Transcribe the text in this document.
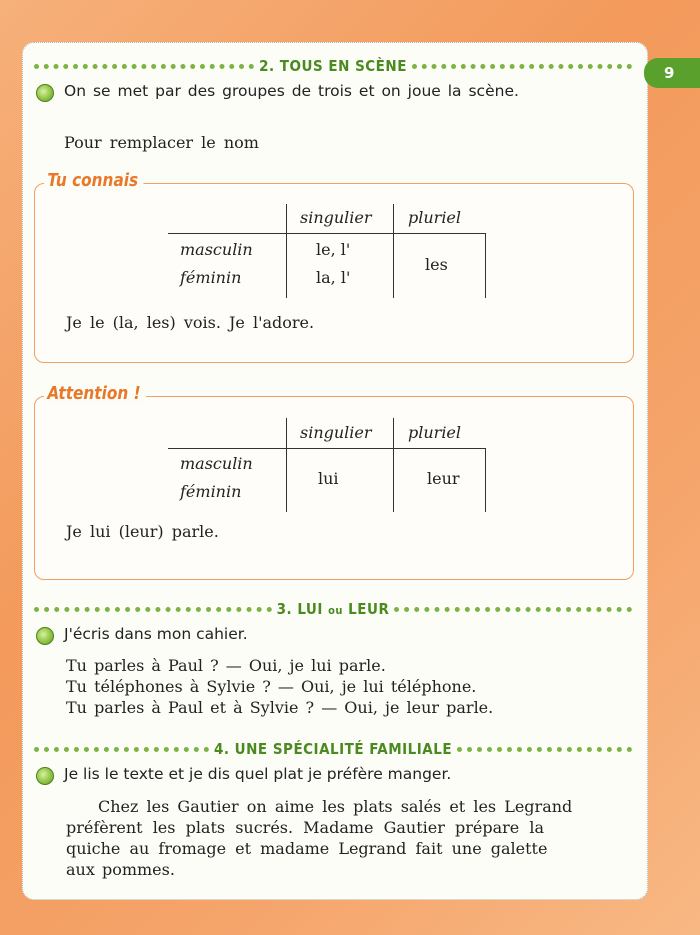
9
2. TOUS EN SCÈNE
On se met par des groupes de trois et on joue la scène.
Pour remplacer le nom
Tu connais
singulier pluriel
masculin
féminin
le, l'
la, l'
les
Je le (la, les) vois. Je l'adore.
Attention !
singulier pluriel
masculin
féminin
lui	leur
Je lui (leur) parle.
3. LUI ou LEUR
J'écris dans mon cahier.
Tu parles à Paul ? — Oui, je lui parle.
Tu téléphones à Sylvie ? — Oui, je lui téléphone.
Tu parles à Paul et à Sylvie ? — Oui, je leur parle.
4. UNE SPÉCIALITÉ FAMILIALE
Je lis le texte et je dis quel plat je préfère manger.
Chez les Gautier on aime les plats salés et les Legrand
préfèrent les plats sucrés. Madame Gautier prépare la
quiche au fromage et madame Legrand fait une galette
aux pommes.
